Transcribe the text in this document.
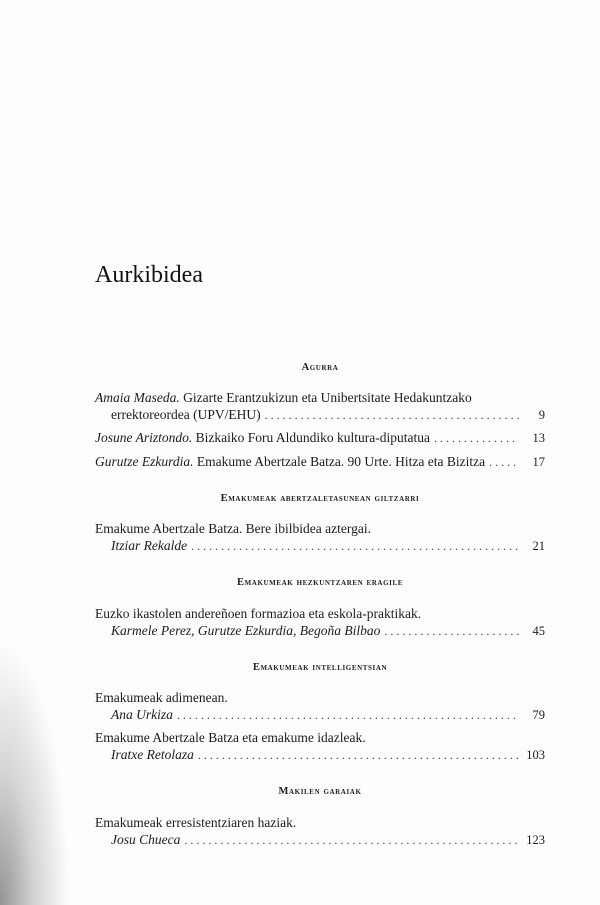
Aurkibidea
Agurra
Amaia Maseda. Gizarte Erantzukizun eta Unibertsitate Hedakuntzako
errektoreordea (UPV/EHU) . . .	9
Josune Ariztondo. Bizkaiko Foru Aldundiko kultura-diputatua . . .	13
Gurutze Ezkurdia. Emakume Abertzale Batza. 90 Urte. Hitza eta Bizitza . . .	17
Emakumeak abertzaletasunean giltzarri
Emakume Abertzale Batza. Bere ibilbidea aztergai.
Itziar Rekalde . . .	21
Emakumeak hezkuntzaren eragile
Euzko ikastolen andereñoen formazioa eta eskola-praktikak.
Karmele Perez, Gurutze Ezkurdia, Begoña Bilbao . . .	45
Emakumeak intelligentsian
Emakumeak adimenean.
Ana Urkiza . . .	79
Emakume Abertzale Batza eta emakume idazleak.
Iratxe Retolaza . . .	103
Makilen garaiak
Emakumeak erresistentziaren haziak.
Josu Chueca . . .	123
